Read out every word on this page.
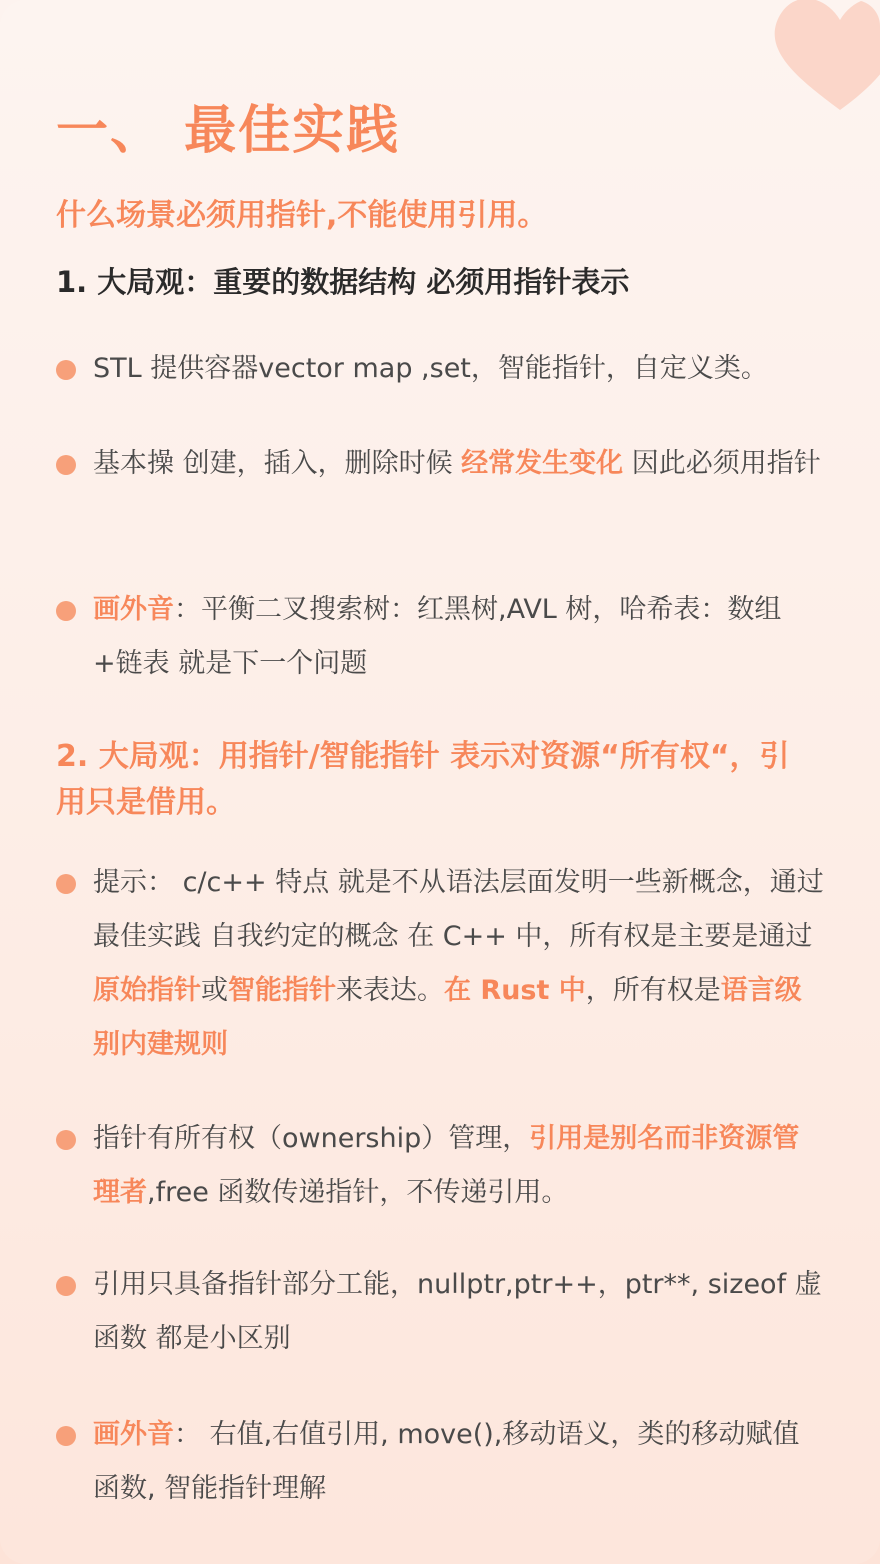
一、 最佳实践
什么场景必须用指针,不能使用引用。
1. 大局观：重要的数据结构 必须用指针表示
STL 提供容器vector map ,set，智能指针，自定义类。
基本操 创建，插入，删除时候 经常发生变化 因此必须用指针
画外音：平衡二叉搜索树：红黑树,AVL 树，哈希表：数组+链表 就是下一个问题
2. 大局观：用指针/智能指针 表示对资源“所有权“，引用只是借用。
提示： c/c++ 特点 就是不从语法层面发明一些新概念，通过最佳实践 自我约定的概念 在 C++ 中，所有权是主要是通过原始指针或智能指针来表达。在 Rust 中，所有权是语言级别内建规则
指针有所有权（ownership）管理，引用是别名而非资源管理者,free 函数传递指针，不传递引用。
引用只具备指针部分工能，nullptr,ptr++，ptr**, sizeof 虚函数 都是小区别
画外音： 右值,右值引用, move(),移动语义，类的移动赋值函数, 智能指针理解
